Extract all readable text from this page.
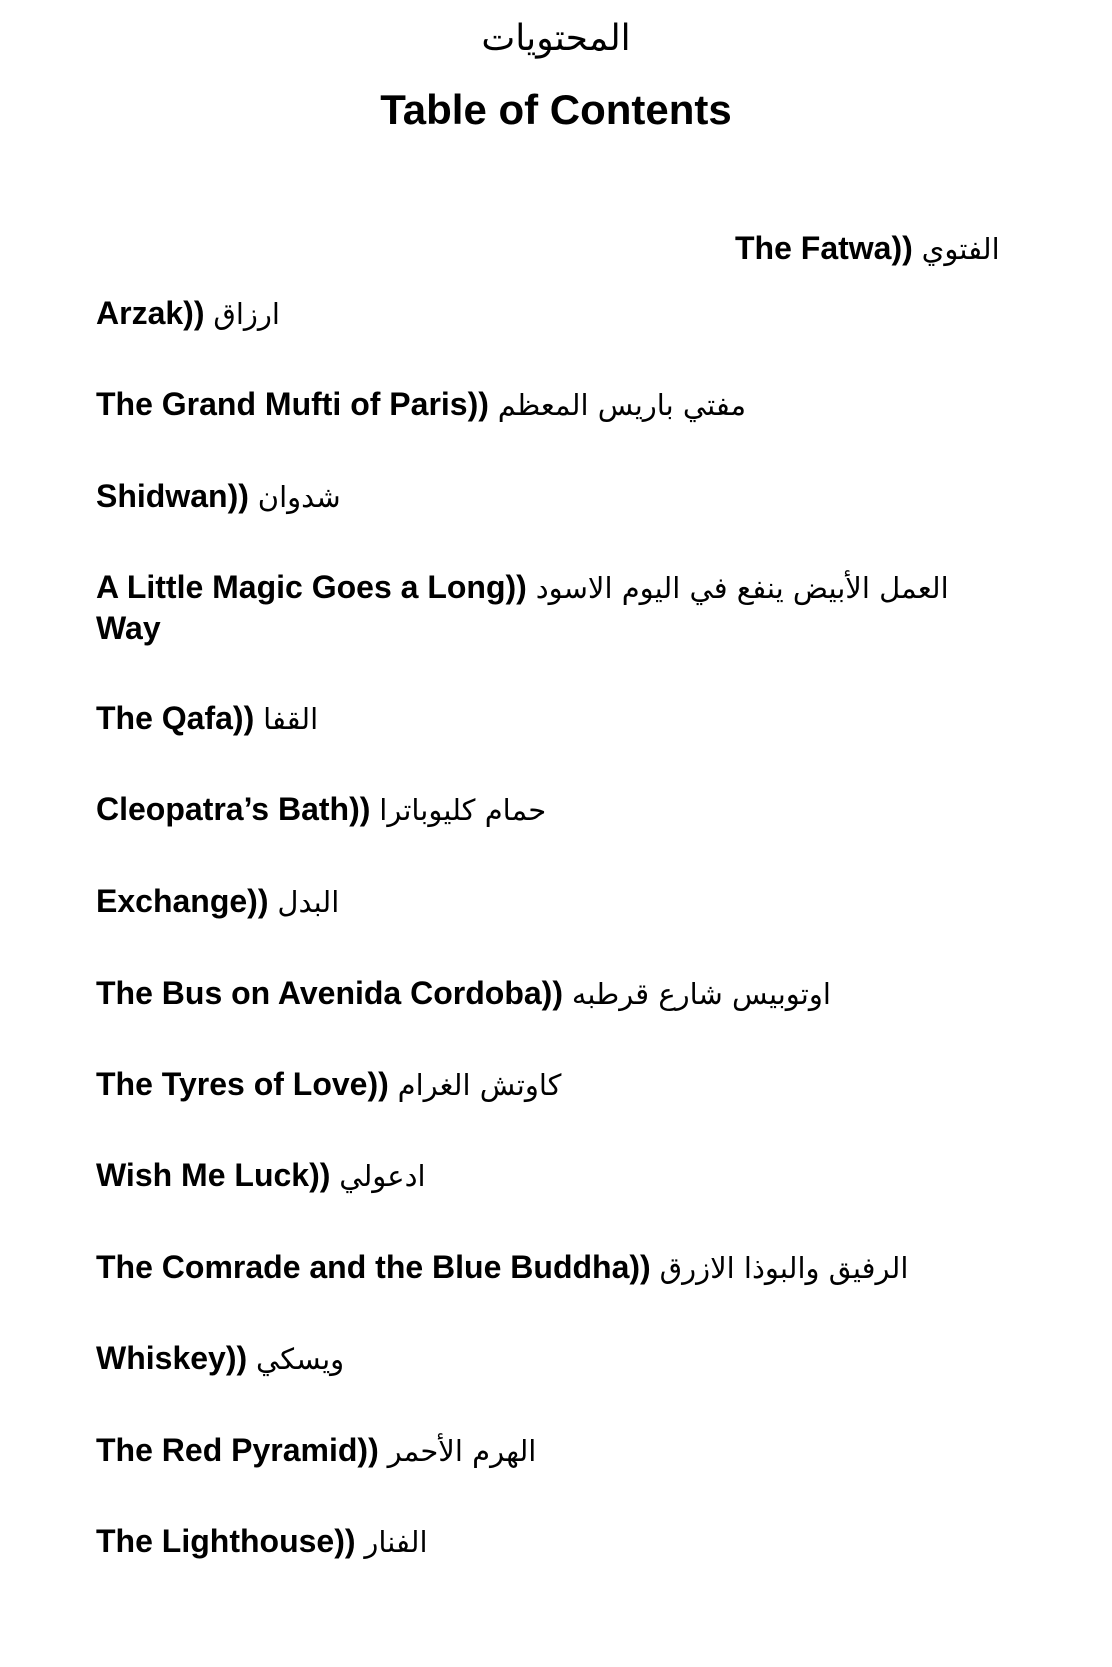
المحتويات
Table of Contents
The Fatwa)) الفتوي
Arzak)) ارزاق
The Grand Mufti of Paris)) مفتي باريس المعظم
Shidwan)) شدوان
A Little Magic Goes a Long)) العمل الأبيض ينفع في اليوم الاسود
Way
The Qafa)) القفا
Cleopatra’s Bath)) حمام كليوباترا
Exchange)) البدل
The Bus on Avenida Cordoba)) اوتوبيس شارع قرطبه
The Tyres of Love)) كاوتش الغرام
Wish Me Luck)) ادعولي
The Comrade and the Blue Buddha)) الرفيق والبوذا الازرق
Whiskey)) ويسكي
The Red Pyramid)) الهرم الأحمر
The Lighthouse)) الفنار
